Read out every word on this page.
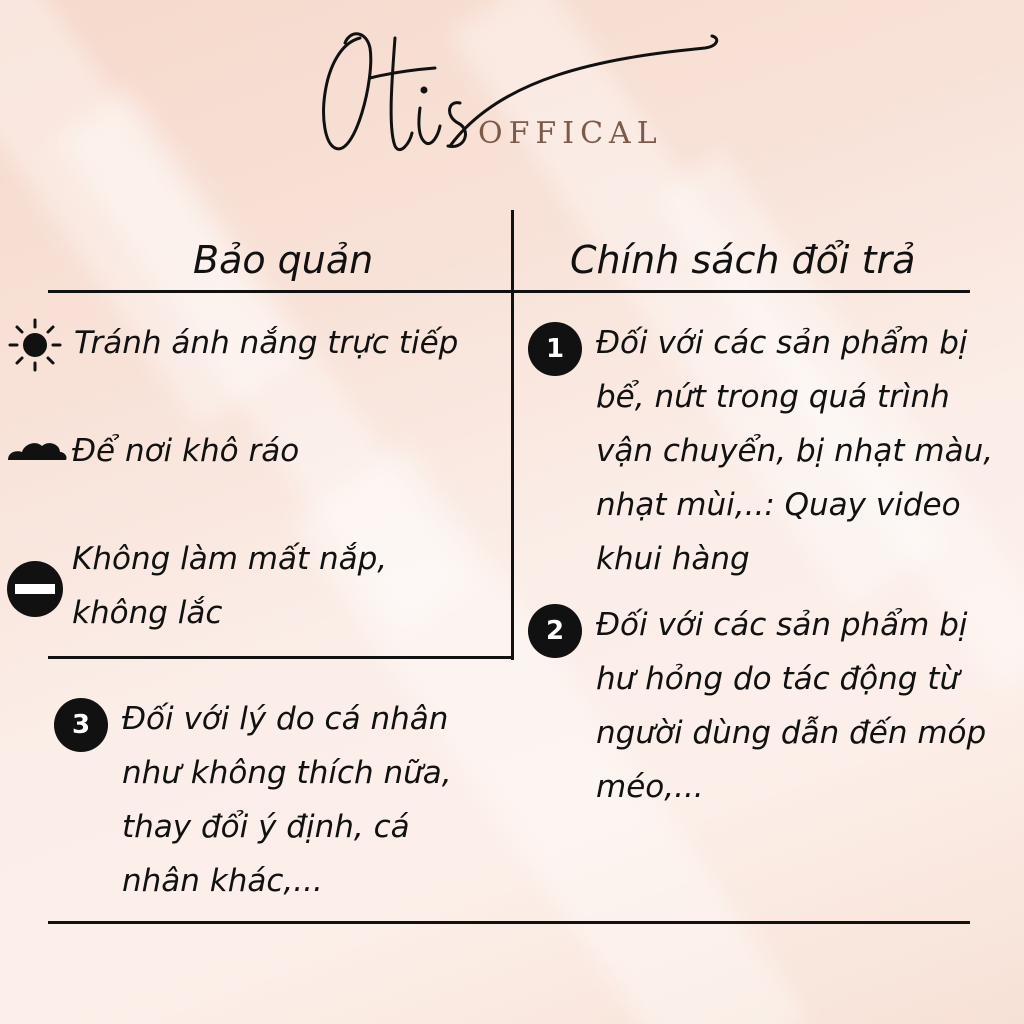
OFFICAL
Bảo quản	Chính sách đổi trả
Tránh ánh nắng trực tiếp
Để nơi khô ráo
Không làm mất nắp, không lắc
1	Đối với các sản phẩm bị bể, nứt trong quá trình vận chuyển, bị nhạt màu, nhạt mùi,..: Quay video khui hàng
2	Đối với các sản phẩm bị hư hỏng do tác động từ người dùng dẫn đến móp méo,...
3	Đối với lý do cá nhân như không thích nữa, thay đổi ý định, cá nhân khác,...
